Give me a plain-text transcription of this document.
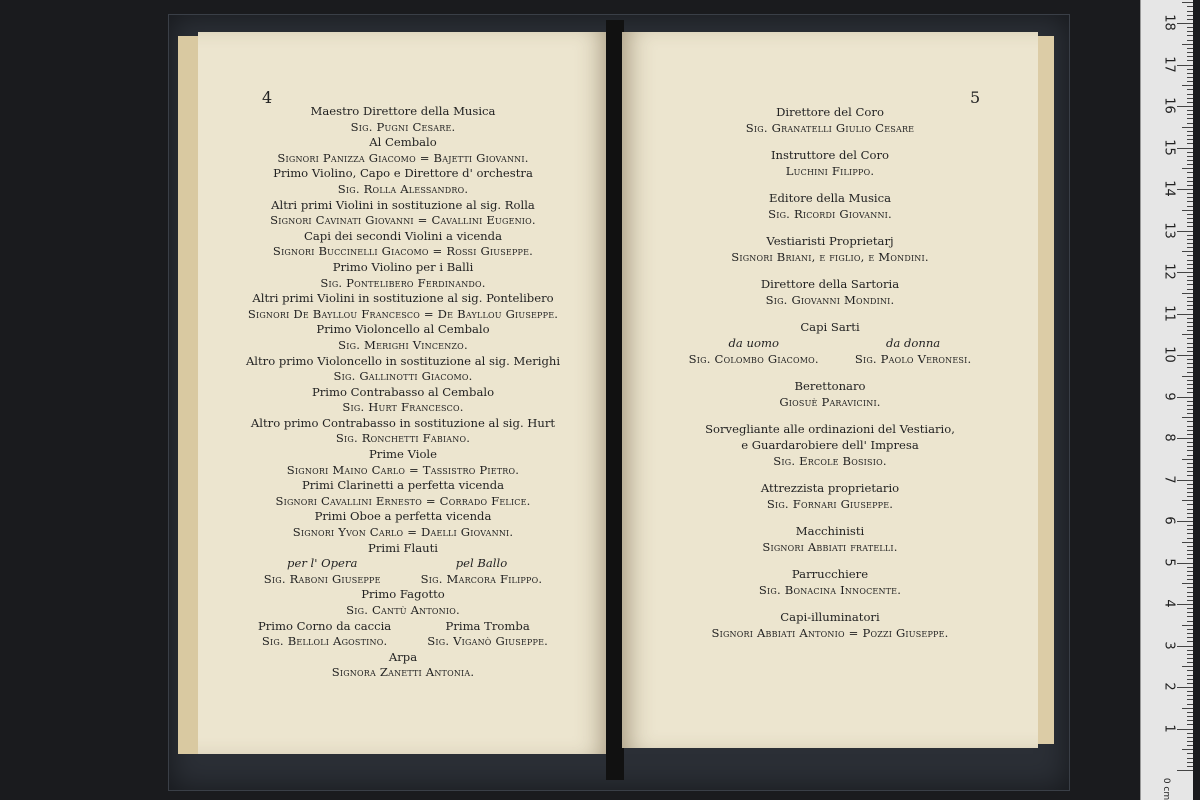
4
Maestro Direttore della Musica
Sig. Pugni Cesare.
Al Cembalo
Signori Panizza Giacomo = Bajetti Giovanni.
Primo Violino, Capo e Direttore d' orchestra
Sig. Rolla Alessandro.
Altri primi Violini in sostituzione al sig. Rolla
Signori Cavinati Giovanni = Cavallini Eugenio.
Capi dei secondi Violini a vicenda
Signori Buccinelli Giacomo = Rossi Giuseppe.
Primo Violino per i Balli
Sig. Pontelibero Ferdinando.
Altri primi Violini in sostituzione al sig. Pontelibero
Signori De Bayllou Francesco = De Bayllou Giuseppe.
Primo Violoncello al Cembalo
Sig. Merighi Vincenzo.
Altro primo Violoncello in sostituzione al sig. Merighi
Sig. Gallinotti Giacomo.
Primo Contrabasso al Cembalo
Sig. Hurt Francesco.
Altro primo Contrabasso in sostituzione al sig. Hurt
Sig. Ronchetti Fabiano.
Prime Viole
Signori Maino Carlo = Tassistro Pietro.
Primi Clarinetti a perfetta vicenda
Signori Cavallini Ernesto = Corrado Felice.
Primi Oboe a perfetta vicenda
Signori Yvon Carlo = Daelli Giovanni.
Primi Flauti
per l' Opera
Sig. Raboni Giuseppe
pel Ballo
Sig. Marcora Filippo.
Primo Fagotto
Sig. Cantù Antonio.
Primo Corno da caccia
Sig. Belloli Agostino.
Prima Tromba
Sig. Viganò Giuseppe.
Arpa
Signora Zanetti Antonia.
5
Direttore del Coro
Sig. Granatelli Giulio Cesare
Instruttore del Coro
Luchini Filippo.
Editore della Musica
Sig. Ricordi Giovanni.
Vestiaristi Proprietarj
Signori Briani, e figlio, e Mondini.
Direttore della Sartoria
Sig. Giovanni Mondini.
Capi Sarti
da uomo
Sig. Colombo Giacomo.
da donna
Sig. Paolo Veronesi.
Berettonaro
Giosuè Paravicini.
Sorvegliante alle ordinazioni del Vestiario,
e Guardarobiere dell' Impresa
Sig. Ercole Bosisio.
Attrezzista proprietario
Sig. Fornari Giuseppe.
Macchinisti
Signori Abbiati fratelli.
Parrucchiere
Sig. Bonacina Innocente.
Capi-illuminatori
Signori Abbiati Antonio = Pozzi Giuseppe.
0 cm
1
2
3
4
5
6
7
8
9
10
11
12
13
14
15
16
17
18
